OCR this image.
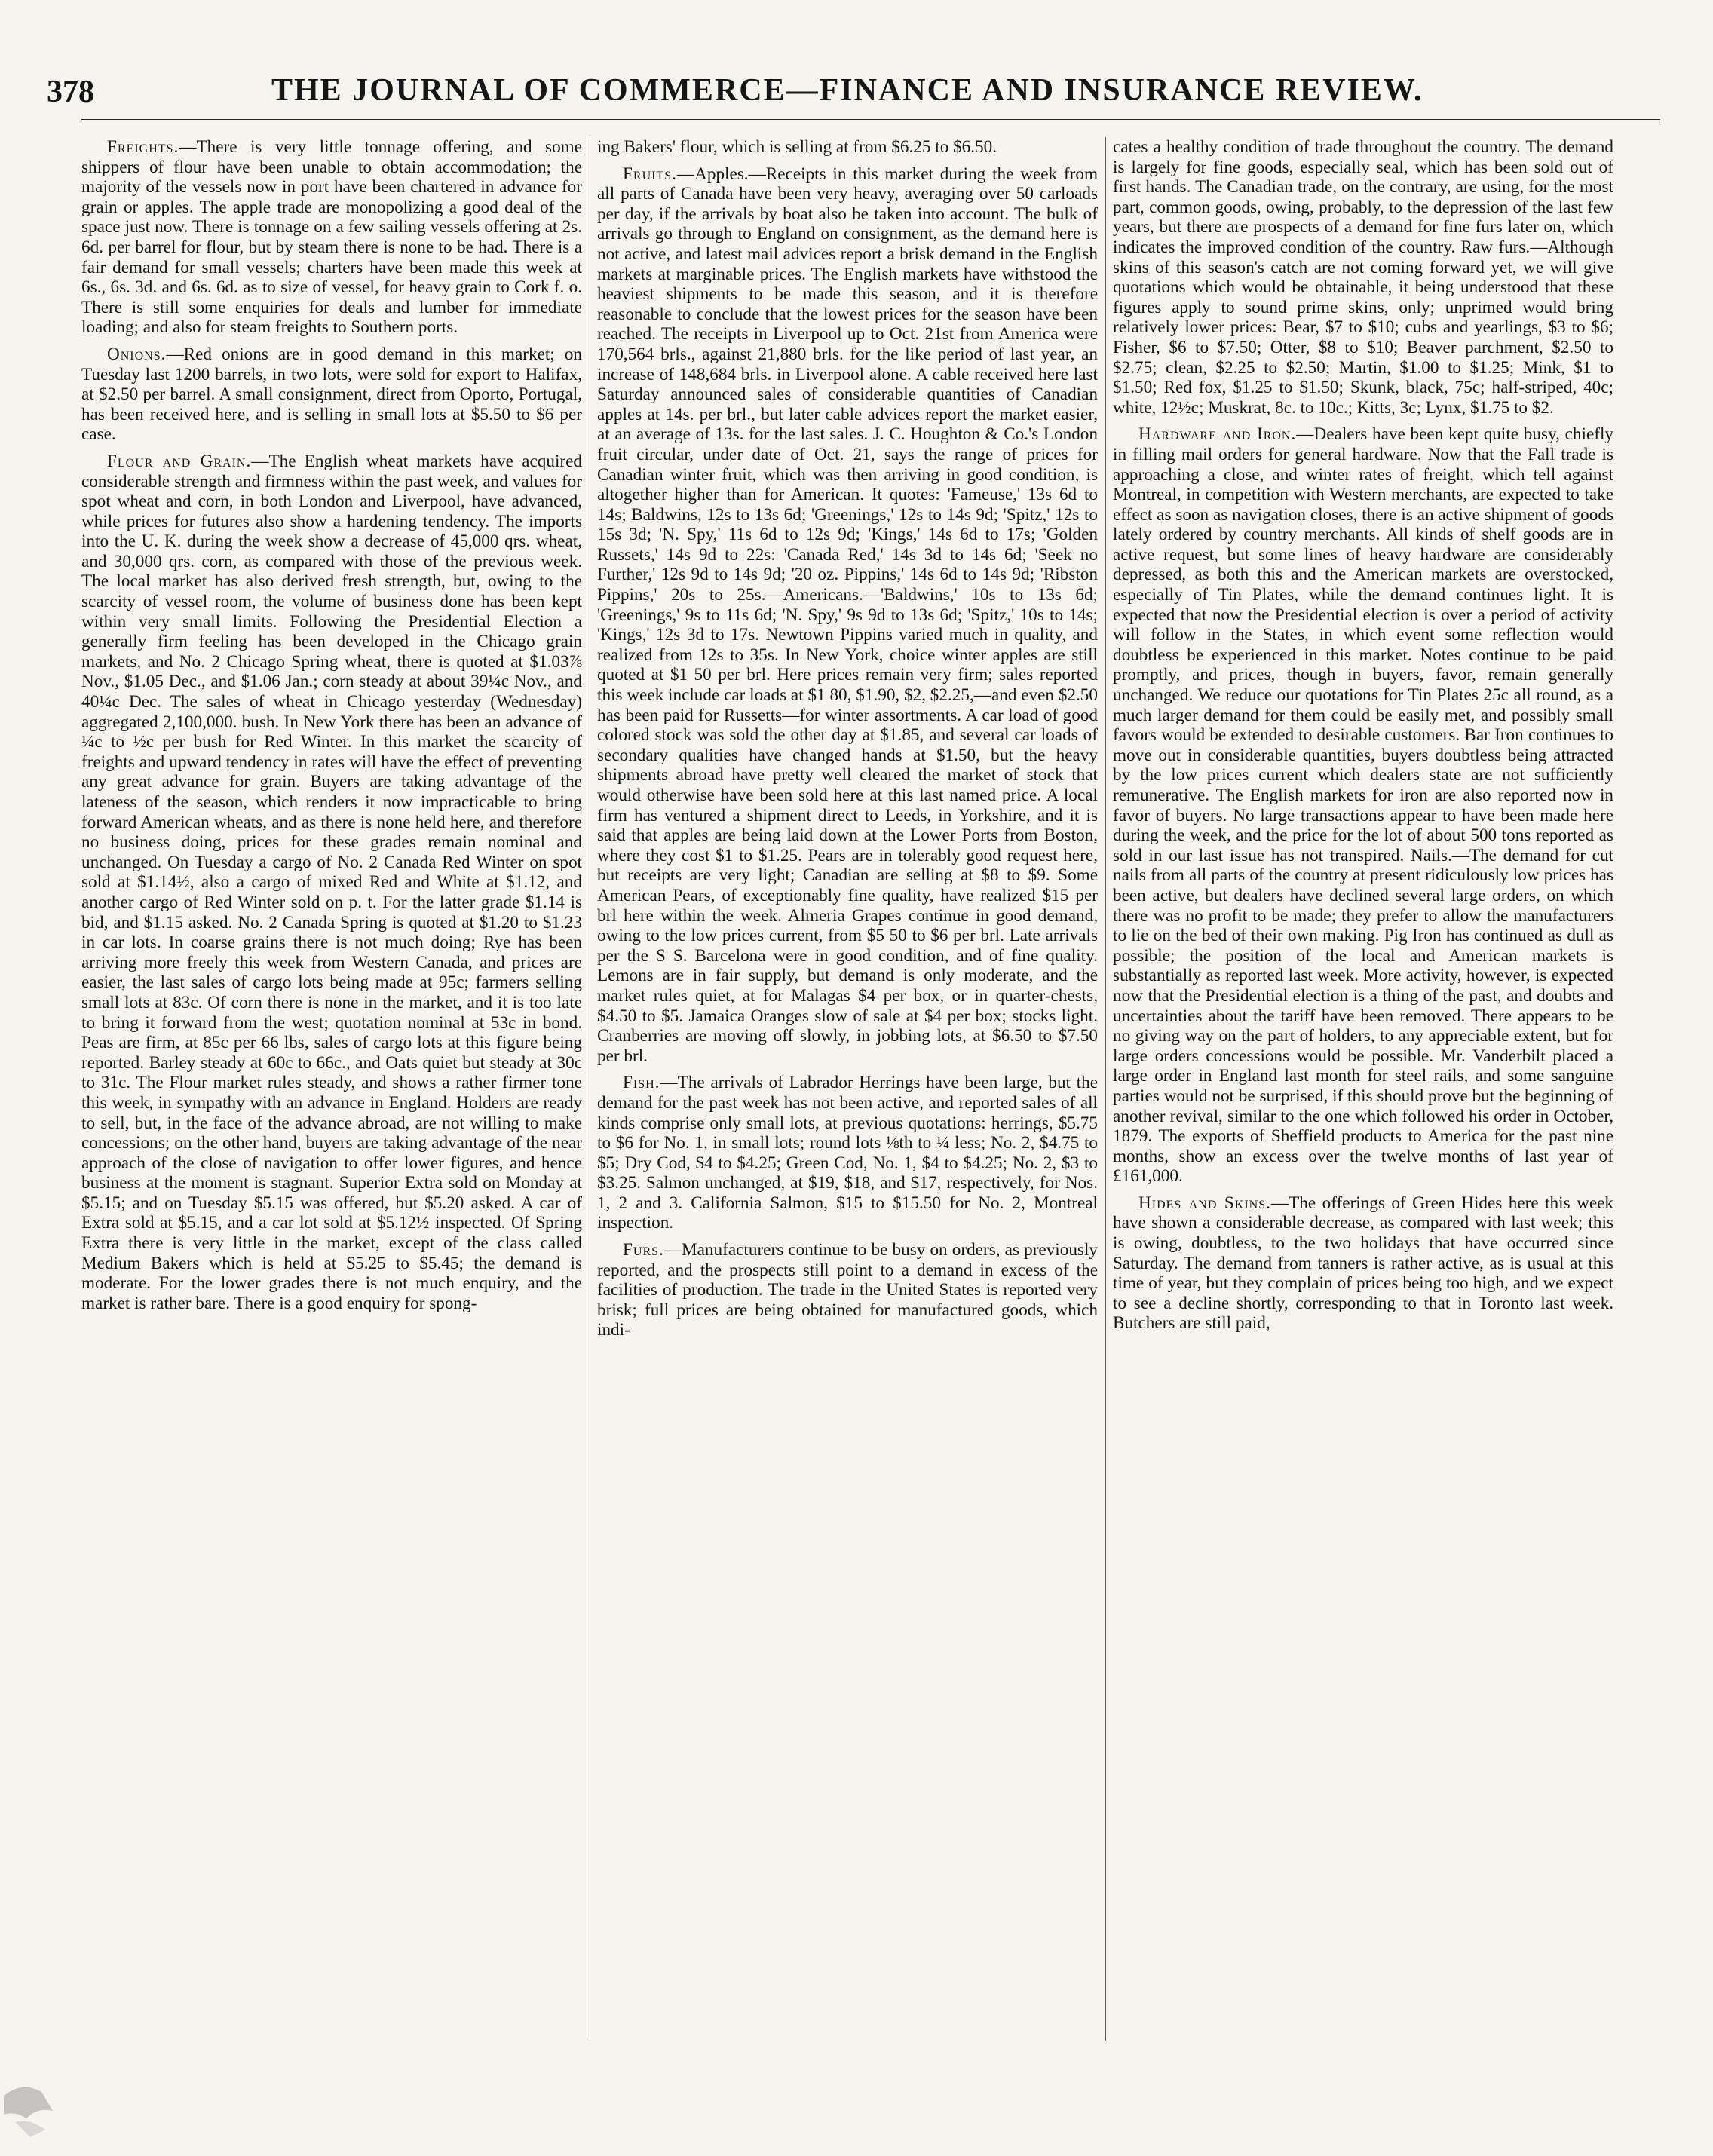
378	THE JOURNAL OF COMMERCE—FINANCE AND INSURANCE REVIEW.

Freights.—There is very little tonnage offering, and some shippers of flour have been unable to obtain accommodation; the majority of the vessels now in port have been chartered in advance for grain or apples. The apple trade are monopolizing a good deal of the space just now. There is tonnage on a few sailing vessels offering at 2s. 6d. per barrel for flour, but by steam there is none to be had. There is a fair demand for small vessels; charters have been made this week at 6s., 6s. 3d. and 6s. 6d. as to size of vessel, for heavy grain to Cork f. o. There is still some enquiries for deals and lumber for immediate loading; and also for steam freights to Southern ports.

Onions.—Red onions are in good demand in this market; on Tuesday last 1200 barrels, in two lots, were sold for export to Halifax, at $2.50 per barrel. A small consignment, direct from Oporto, Portugal, has been received here, and is selling in small lots at $5.50 to $6 per case.

Flour and Grain.—The English wheat markets have acquired considerable strength and firmness within the past week, and values for spot wheat and corn, in both London and Liverpool, have advanced, while prices for futures also show a hardening tendency. The imports into the U. K. during the week show a decrease of 45,000 qrs. wheat, and 30,000 qrs. corn, as compared with those of the previous week. The local market has also derived fresh strength, but, owing to the scarcity of vessel room, the volume of business done has been kept within very small limits. Following the Presidential Election a generally firm feeling has been developed in the Chicago grain markets, and No. 2 Chicago Spring wheat, there is quoted at $1.03⅞ Nov., $1.05 Dec., and $1.06 Jan.; corn steady at about 39¼c Nov., and 40¼c Dec. The sales of wheat in Chicago yesterday (Wednesday) aggregated 2,100,000. bush. In New York there has been an advance of ¼c to ½c per bush for Red Winter. In this market the scarcity of freights and upward tendency in rates will have the effect of preventing any great advance for grain. Buyers are taking advantage of the lateness of the season, which renders it now impracticable to bring forward American wheats, and as there is none held here, and therefore no business doing, prices for these grades remain nominal and unchanged. On Tuesday a cargo of No. 2 Canada Red Winter on spot sold at $1.14½, also a cargo of mixed Red and White at $1.12, and another cargo of Red Winter sold on p. t. For the latter grade $1.14 is bid, and $1.15 asked. No. 2 Canada Spring is quoted at $1.20 to $1.23 in car lots. In coarse grains there is not much doing; Rye has been arriving more freely this week from Western Canada, and prices are easier, the last sales of cargo lots being made at 95c; farmers selling small lots at 83c. Of corn there is none in the market, and it is too late to bring it forward from the west; quotation nominal at 53c in bond. Peas are firm, at 85c per 66 lbs, sales of cargo lots at this figure being reported. Barley steady at 60c to 66c., and Oats quiet but steady at 30c to 31c. The Flour market rules steady, and shows a rather firmer tone this week, in sympathy with an advance in England. Holders are ready to sell, but, in the face of the advance abroad, are not willing to make concessions; on the other hand, buyers are taking advantage of the near approach of the close of navigation to offer lower figures, and hence business at the moment is stagnant. Superior Extra sold on Monday at $5.15; and on Tuesday $5.15 was offered, but $5.20 asked. A car of Extra sold at $5.15, and a car lot sold at $5.12½ inspected. Of Spring Extra there is very little in the market, except of the class called Medium Bakers which is held at $5.25 to $5.45; the demand is moderate. For the lower grades there is not much enquiry, and the market is rather bare. There is a good enquiry for spong-

ing Bakers' flour, which is selling at from $6.25 to $6.50.

Fruits.—Apples.—Receipts in this market during the week from all parts of Canada have been very heavy, averaging over 50 carloads per day, if the arrivals by boat also be taken into account. The bulk of arrivals go through to England on consignment, as the demand here is not active, and latest mail advices report a brisk demand in the English markets at marginable prices. The English markets have withstood the heaviest shipments to be made this season, and it is therefore reasonable to conclude that the lowest prices for the season have been reached. The receipts in Liverpool up to Oct. 21st from America were 170,564 brls., against 21,880 brls. for the like period of last year, an increase of 148,684 brls. in Liverpool alone. A cable received here last Saturday announced sales of considerable quantities of Canadian apples at 14s. per brl., but later cable advices report the market easier, at an average of 13s. for the last sales. J. C. Houghton & Co.'s London fruit circular, under date of Oct. 21, says the range of prices for Canadian winter fruit, which was then arriving in good condition, is altogether higher than for American. It quotes: 'Fameuse,' 13s 6d to 14s; Baldwins, 12s to 13s 6d; 'Greenings,' 12s to 14s 9d; 'Spitz,' 12s to 15s 3d; 'N. Spy,' 11s 6d to 12s 9d; 'Kings,' 14s 6d to 17s; 'Golden Russets,' 14s 9d to 22s: 'Canada Red,' 14s 3d to 14s 6d; 'Seek no Further,' 12s 9d to 14s 9d; '20 oz. Pippins,' 14s 6d to 14s 9d; 'Ribston Pippins,' 20s to 25s.—Americans.—'Baldwins,' 10s to 13s 6d; 'Greenings,' 9s to 11s 6d; 'N. Spy,' 9s 9d to 13s 6d; 'Spitz,' 10s to 14s; 'Kings,' 12s 3d to 17s. Newtown Pippins varied much in quality, and realized from 12s to 35s. In New York, choice winter apples are still quoted at $1 50 per brl. Here prices remain very firm; sales reported this week include car loads at $1 80, $1.90, $2, $2.25,—and even $2.50 has been paid for Russetts—for winter assortments. A car load of good colored stock was sold the other day at $1.85, and several car loads of secondary qualities have changed hands at $1.50, but the heavy shipments abroad have pretty well cleared the market of stock that would otherwise have been sold here at this last named price. A local firm has ventured a shipment direct to Leeds, in Yorkshire, and it is said that apples are being laid down at the Lower Ports from Boston, where they cost $1 to $1.25. Pears are in tolerably good request here, but receipts are very light; Canadian are selling at $8 to $9. Some American Pears, of exceptionably fine quality, have realized $15 per brl here within the week. Almeria Grapes continue in good demand, owing to the low prices current, from $5 50 to $6 per brl. Late arrivals per the S S. Barcelona were in good condition, and of fine quality. Lemons are in fair supply, but demand is only moderate, and the market rules quiet, at for Malagas $4 per box, or in quarter-chests, $4.50 to $5. Jamaica Oranges slow of sale at $4 per box; stocks light. Cranberries are moving off slowly, in jobbing lots, at $6.50 to $7.50 per brl.

Fish.—The arrivals of Labrador Herrings have been large, but the demand for the past week has not been active, and reported sales of all kinds comprise only small lots, at previous quotations: herrings, $5.75 to $6 for No. 1, in small lots; round lots ⅛th to ¼ less; No. 2, $4.75 to $5; Dry Cod, $4 to $4.25; Green Cod, No. 1, $4 to $4.25; No. 2, $3 to $3.25. Salmon unchanged, at $19, $18, and $17, respectively, for Nos. 1, 2 and 3. California Salmon, $15 to $15.50 for No. 2, Montreal inspection.

Furs.—Manufacturers continue to be busy on orders, as previously reported, and the prospects still point to a demand in excess of the facilities of production. The trade in the United States is reported very brisk; full prices are being obtained for manufactured goods, which indi-

cates a healthy condition of trade throughout the country. The demand is largely for fine goods, especially seal, which has been sold out of first hands. The Canadian trade, on the contrary, are using, for the most part, common goods, owing, probably, to the depression of the last few years, but there are prospects of a demand for fine furs later on, which indicates the improved condition of the country. Raw furs.—Although skins of this season's catch are not coming forward yet, we will give quotations which would be obtainable, it being understood that these figures apply to sound prime skins, only; unprimed would bring relatively lower prices: Bear, $7 to $10; cubs and yearlings, $3 to $6; Fisher, $6 to $7.50; Otter, $8 to $10; Beaver parchment, $2.50 to $2.75; clean, $2.25 to $2.50; Martin, $1.00 to $1.25; Mink, $1 to $1.50; Red fox, $1.25 to $1.50; Skunk, black, 75c; half-striped, 40c; white, 12½c; Muskrat, 8c. to 10c.; Kitts, 3c; Lynx, $1.75 to $2.

Hardware and Iron.—Dealers have been kept quite busy, chiefly in filling mail orders for general hardware. Now that the Fall trade is approaching a close, and winter rates of freight, which tell against Montreal, in competition with Western merchants, are expected to take effect as soon as navigation closes, there is an active shipment of goods lately ordered by country merchants. All kinds of shelf goods are in active request, but some lines of heavy hardware are considerably depressed, as both this and the American markets are overstocked, especially of Tin Plates, while the demand continues light. It is expected that now the Presidential election is over a period of activity will follow in the States, in which event some reflection would doubtless be experienced in this market. Notes continue to be paid promptly, and prices, though in buyers, favor, remain generally unchanged. We reduce our quotations for Tin Plates 25c all round, as a much larger demand for them could be easily met, and possibly small favors would be extended to desirable customers. Bar Iron continues to move out in considerable quantities, buyers doubtless being attracted by the low prices current which dealers state are not sufficiently remunerative. The English markets for iron are also reported now in favor of buyers. No large transactions appear to have been made here during the week, and the price for the lot of about 500 tons reported as sold in our last issue has not transpired. Nails.—The demand for cut nails from all parts of the country at present ridiculously low prices has been active, but dealers have declined several large orders, on which there was no profit to be made; they prefer to allow the manufacturers to lie on the bed of their own making. Pig Iron has continued as dull as possible; the position of the local and American markets is substantially as reported last week. More activity, however, is expected now that the Presidential election is a thing of the past, and doubts and uncertainties about the tariff have been removed. There appears to be no giving way on the part of holders, to any appreciable extent, but for large orders concessions would be possible. Mr. Vanderbilt placed a large order in England last month for steel rails, and some sanguine parties would not be surprised, if this should prove but the beginning of another revival, similar to the one which followed his order in October, 1879. The exports of Sheffield products to America for the past nine months, show an excess over the twelve months of last year of £161,000.

Hides and Skins.—The offerings of Green Hides here this week have shown a considerable decrease, as compared with last week; this is owing, doubtless, to the two holidays that have occurred since Saturday. The demand from tanners is rather active, as is usual at this time of year, but they complain of prices being too high, and we expect to see a decline shortly, corresponding to that in Toronto last week. Butchers are still paid,
